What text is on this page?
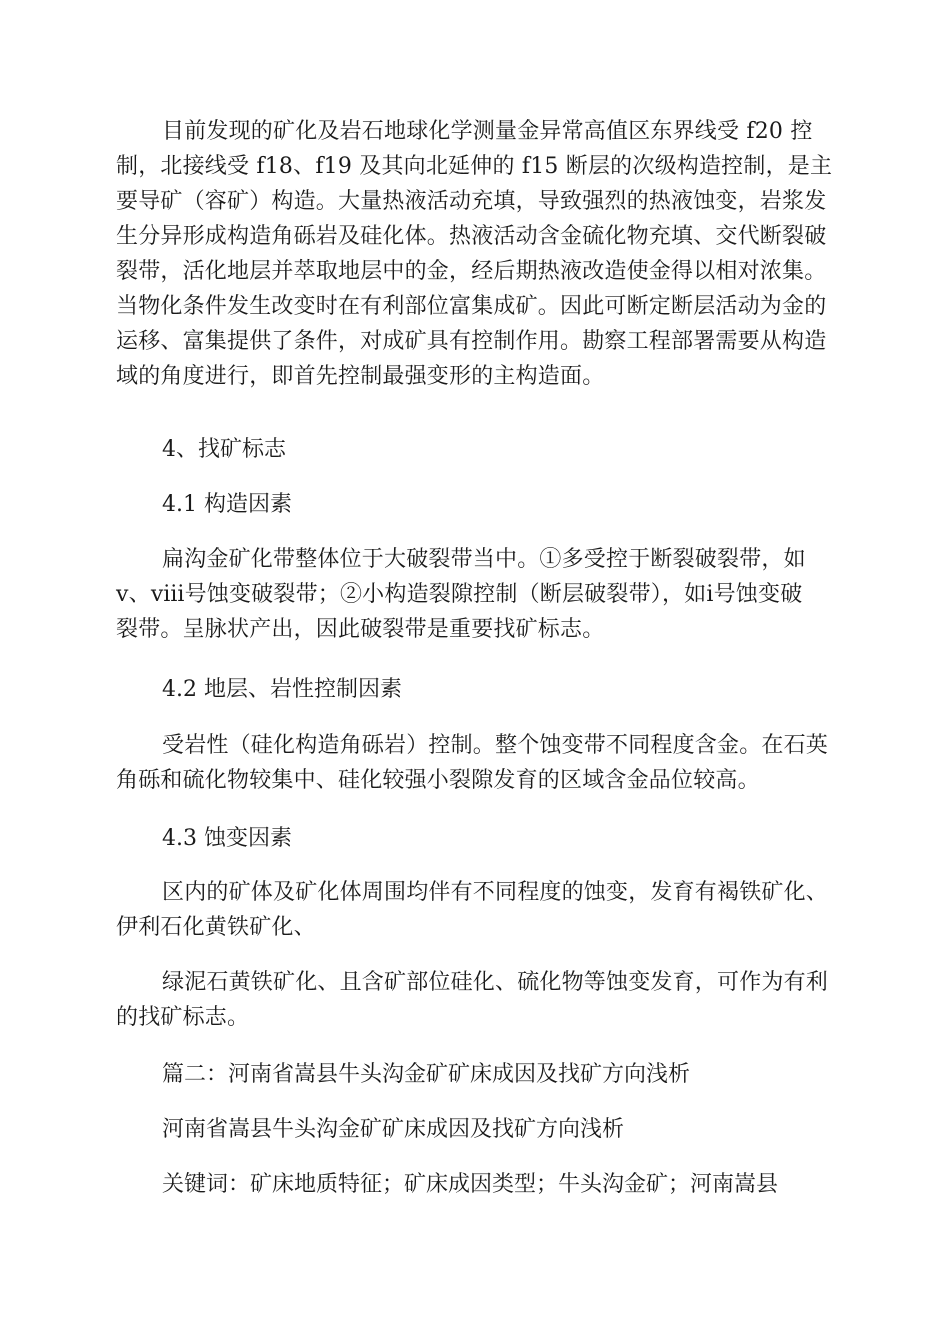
目前发现的矿化及岩石地球化学测量金异常高值区东界线受 f20 控
制，北接线受 f18、f19 及其向北延伸的 f15 断层的次级构造控制，是主
要导矿（容矿）构造。大量热液活动充填，导致强烈的热液蚀变，岩浆发
生分异形成构造角砾岩及硅化体。热液活动含金硫化物充填、交代断裂破
裂带，活化地层并萃取地层中的金，经后期热液改造使金得以相对浓集。
当物化条件发生改变时在有利部位富集成矿。因此可断定断层活动为金的
运移、富集提供了条件，对成矿具有控制作用。勘察工程部署需要从构造
域的角度进行，即首先控制最强变形的主构造面。

4、找矿标志

4.1 构造因素

扁沟金矿化带整体位于大破裂带当中。①多受控于断裂破裂带，如
ⅴ、ⅷ号蚀变破裂带；②小构造裂隙控制（断层破裂带），如ⅰ号蚀变破
裂带。呈脉状产出，因此破裂带是重要找矿标志。

4.2 地层、岩性控制因素

受岩性（硅化构造角砾岩）控制。整个蚀变带不同程度含金。在石英
角砾和硫化物较集中、硅化较强小裂隙发育的区域含金品位较高。

4.3 蚀变因素

区内的矿体及矿化体周围均伴有不同程度的蚀变，发育有褐铁矿化、
伊利石化黄铁矿化、
绿泥石黄铁矿化、且含矿部位硅化、硫化物等蚀变发育，可作为有利
的找矿标志。

篇二：河南省嵩县牛头沟金矿矿床成因及找矿方向浅析

河南省嵩县牛头沟金矿矿床成因及找矿方向浅析

关键词：矿床地质特征；矿床成因类型；牛头沟金矿；河南嵩县
